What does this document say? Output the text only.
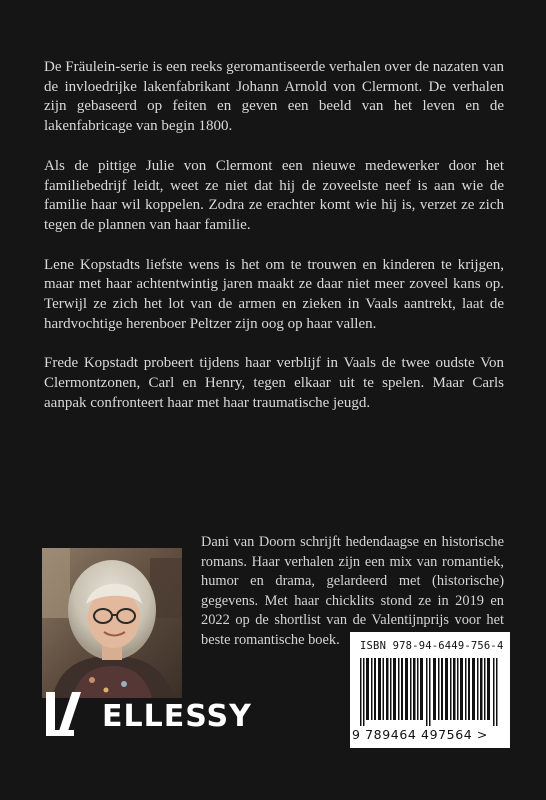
De Fräulein-serie is een reeks geromantiseerde verhalen over de nazaten van de invloedrijke lakenfabrikant Johann Arnold von Clermont. De verhalen zijn gebaseerd op feiten en geven een beeld van het leven en de lakenfabricage van begin 1800.

Als de pittige Julie von Clermont een nieuwe medewerker door het familiebedrijf leidt, weet ze niet dat hij de zoveelste neef is aan wie de familie haar wil koppelen. Zodra ze erachter komt wie hij is, verzet ze zich tegen de plannen van haar familie.

Lene Kopstadts liefste wens is het om te trouwen en kinderen te krijgen, maar met haar achtentwintig jaren maakt ze daar niet meer zoveel kans op. Terwijl ze zich het lot van de armen en zieken in Vaals aantrekt, laat de hardvochtige herenboer Peltzer zijn oog op haar vallen.

Frede Kopstadt probeert tijdens haar verblijf in Vaals de twee oudste Von Clermontzonen, Carl en Henry, tegen elkaar uit te spelen. Maar Carls aanpak confronteert haar met haar traumatische jeugd.

Dani van Doorn schrijft hedendaagse en historische romans. Haar verhalen zijn een mix van romantiek, humor en drama, gelardeerd met (historische) gegevens. Met haar chicklits stond ze in 2019 en 2022 op de shortlist van de Valentijnprijs voor het beste romantische boek.

ELLESSY
ISBN 978-94-6449-756-4
9 789464 497564 >
